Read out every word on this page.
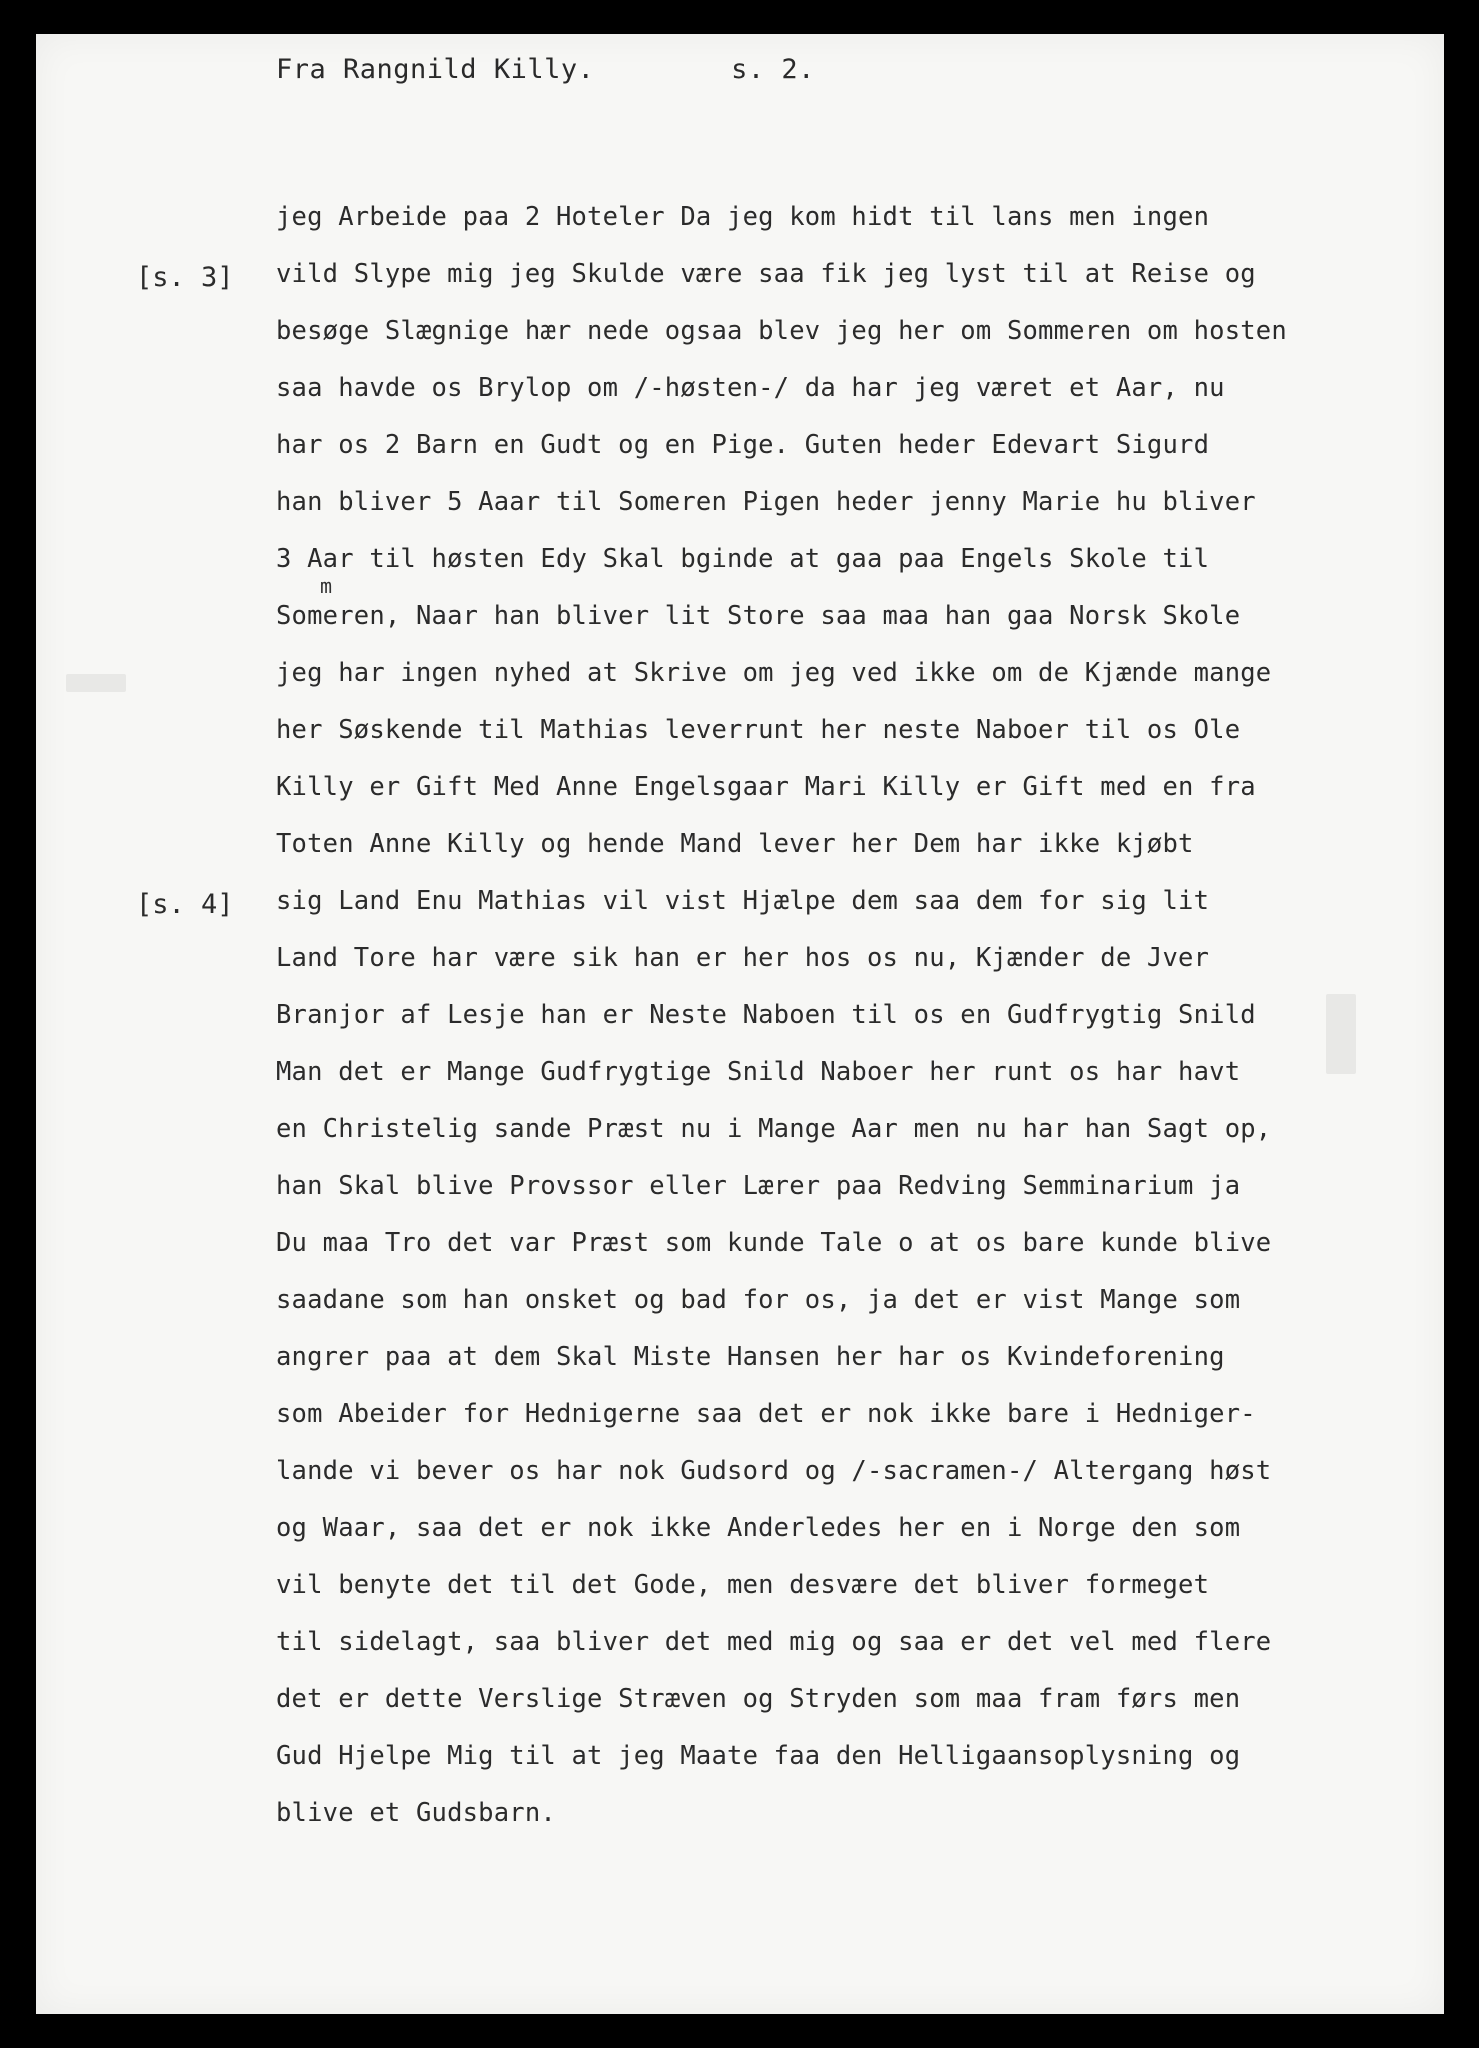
Fra Rangnild Killy.	s. 2.
[s. 3]
[s. 4]
m
jeg Arbeide paa 2 Hoteler Da jeg kom hidt til lans men ingen
vild Slype mig jeg Skulde være saa fik jeg lyst til at Reise og
besøge Slægnige hær nede ogsaa blev jeg her om Sommeren om hosten
saa havde os Brylop om /-høsten-/ da har jeg været et Aar, nu
har os 2 Barn en Gudt og en Pige. Guten heder Edevart Sigurd
han bliver 5 Aaar til Someren Pigen heder jenny Marie hu bliver
3 Aar til høsten Edy Skal bginde at gaa paa Engels Skole til
Someren, Naar han bliver lit Store saa maa han gaa Norsk Skole
jeg har ingen nyhed at Skrive om jeg ved ikke om de Kjænde mange
her Søskende til Mathias leverrunt her neste Naboer til os Ole
Killy er Gift Med Anne Engelsgaar Mari Killy er Gift med en fra
Toten Anne Killy og hende Mand lever her Dem har ikke kjøbt
sig Land Enu Mathias vil vist Hjælpe dem saa dem for sig lit
Land Tore har være sik han er her hos os nu, Kjænder de Jver
Branjor af Lesje han er Neste Naboen til os en Gudfrygtig Snild
Man det er Mange Gudfrygtige Snild Naboer her runt os har havt
en Christelig sande Præst nu i Mange Aar men nu har han Sagt op,
han Skal blive Provssor eller Lærer paa Redving Semminarium ja
Du maa Tro det var Præst som kunde Tale o at os bare kunde blive
saadane som han onsket og bad for os, ja det er vist Mange som
angrer paa at dem Skal Miste Hansen her har os Kvindeforening
som Abeider for Hednigerne saa det er nok ikke bare i Hedniger-
lande vi bever os har nok Gudsord og /-sacramen-/ Altergang høst
og Waar, saa det er nok ikke Anderledes her en i Norge den som
vil benyte det til det Gode, men desvære det bliver formeget
til sidelagt, saa bliver det med mig og saa er det vel med flere
det er dette Verslige Stræven og Stryden som maa fram førs men
Gud Hjelpe Mig til at jeg Maate faa den Helligaansoplysning og
blive et Gudsbarn.
